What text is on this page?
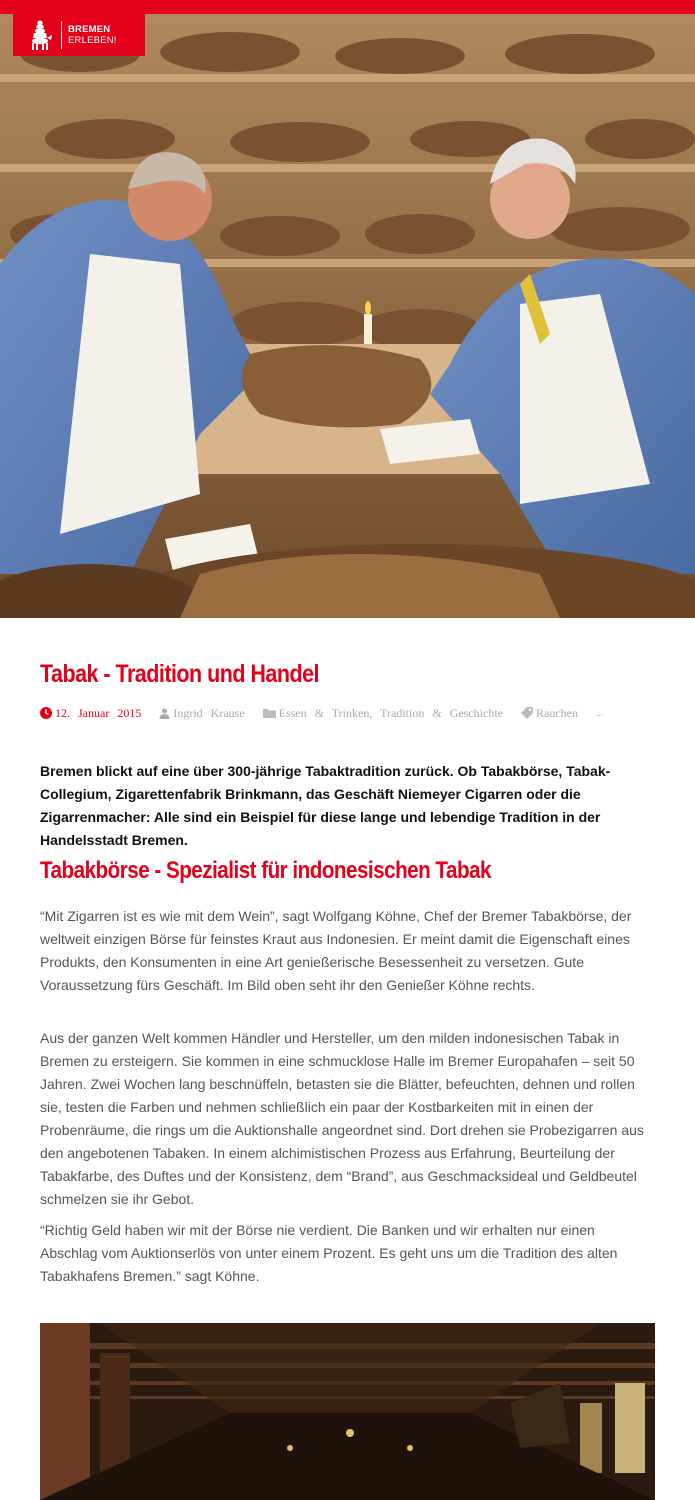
BREMEN
ERLEBEN!
Tabak - Tradition und Handel
12. Januar 2015	Ingrid Krause	Essen & Trinken, Tradition & Geschichte	Rauchen ...

Bremen blickt auf eine über 300-jährige Tabaktradition zurück. Ob Tabakbörse, Tabak-Collegium, Zigarettenfabrik Brinkmann, das Geschäft Niemeyer Cigarren oder die Zigarrenmacher: Alle sind ein Beispiel für diese lange und lebendige Tradition in der Handelsstadt Bremen.

Tabakbörse - Spezialist für indonesischen Tabak

“Mit Zigarren ist es wie mit dem Wein”, sagt Wolfgang Köhne, Chef der Bremer Tabakbörse, der weltweit einzigen Börse für feinstes Kraut aus Indonesien. Er meint damit die Eigenschaft eines Produkts, den Konsumenten in eine Art genießerische Besessenheit zu versetzen. Gute Voraussetzung fürs Geschäft. Im Bild oben seht ihr den Genießer Köhne rechts.

Aus der ganzen Welt kommen Händler und Hersteller, um den milden indonesischen Tabak in Bremen zu ersteigern. Sie kommen in eine schmucklose Halle im Bremer Europahafen – seit 50 Jahren. Zwei Wochen lang beschnüffeln, betasten sie die Blätter, befeuchten, dehnen und rollen sie, testen die Farben und nehmen schließlich ein paar der Kostbarkeiten mit in einen der Probenräume, die rings um die Auktionshalle angeordnet sind. Dort drehen sie Probezigarren aus den angebotenen Tabaken. In einem alchimistischen Prozess aus Erfahrung, Beurteilung der Tabakfarbe, des Duftes und der Konsistenz, dem “Brand”, aus Geschmacksideal und Geldbeutel schmelzen sie ihr Gebot.

“Richtig Geld haben wir mit der Börse nie verdient. Die Banken und wir erhalten nur einen Abschlag vom Auktionserlös von unter einem Prozent. Es geht uns um die Tradition des alten Tabakhafens Bremen.” sagt Köhne.
